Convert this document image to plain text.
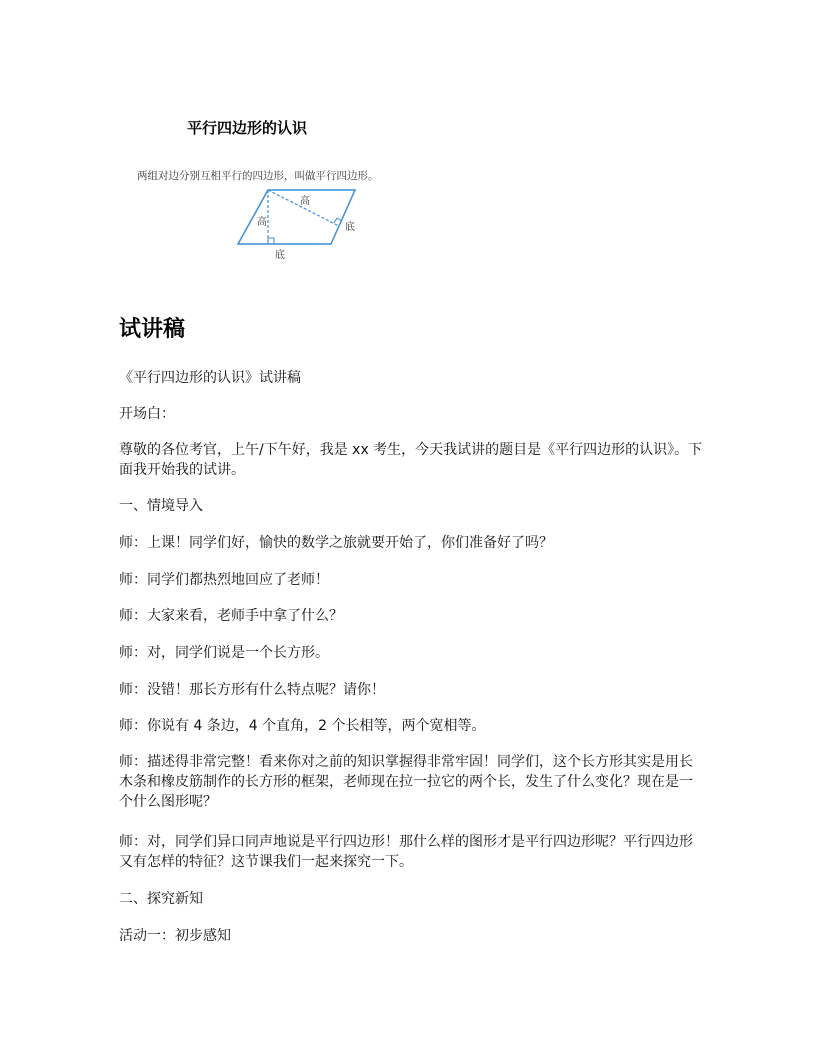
平行四边形的认识
两组对边分别互相平行的四边形，叫做平行四边形。
高
高
底
底
试讲稿
《平行四边形的认识》试讲稿
开场白：
尊敬的各位考官，上午/下午好，我是 xx 考生，今天我试讲的题目是《平行四边形的认识》。下面我开始我的试讲。
一、情境导入
师：上课！同学们好，愉快的数学之旅就要开始了，你们准备好了吗？
师：同学们都热烈地回应了老师！
师：大家来看，老师手中拿了什么？
师：对，同学们说是一个长方形。
师：没错！那长方形有什么特点呢？请你！
师：你说有 4 条边，4 个直角，2 个长相等，两个宽相等。
师：描述得非常完整！看来你对之前的知识掌握得非常牢固！同学们，这个长方形其实是用长木条和橡皮筋制作的长方形的框架，老师现在拉一拉它的两个长，发生了什么变化？现在是一个什么图形呢？
师：对，同学们异口同声地说是平行四边形！那什么样的图形才是平行四边形呢？平行四边形又有怎样的特征？这节课我们一起来探究一下。
二、探究新知
活动一：初步感知
